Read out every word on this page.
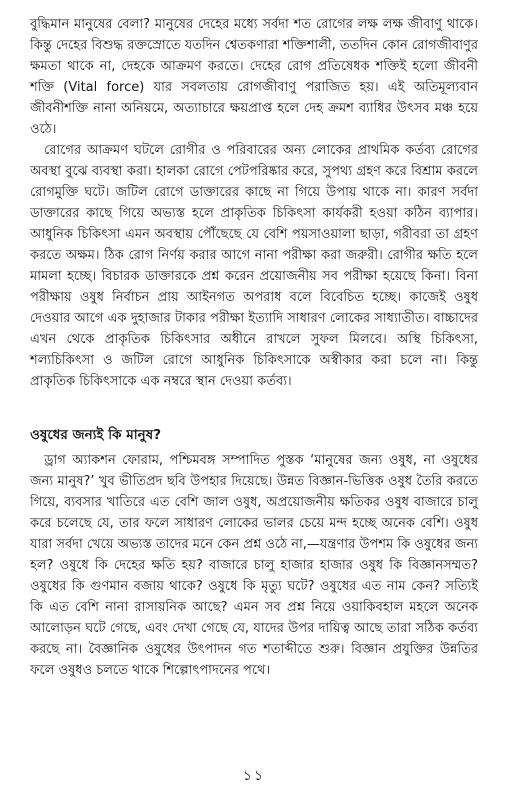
বুদ্ধিমান মানুষের বেলা? মানুষের দেহের মধ্যে সর্বদা শত রোগের লক্ষ লক্ষ জীবাণু থাকে। কিন্তু দেহের বিশুদ্ধ রক্তস্রোতে যতদিন শ্বেতকণারা শক্তিশালী, ততদিন কোন রোগজীবাণুর ক্ষমতা থাকে না, দেহকে আক্রমণ করতে। দেহের রোগ প্রতিষেধক শক্তিই হলো জীবনী শক্তি (Vital force) যার সবলতায় রোগজীবাণু পরাজিত হয়। এই অতিমূল্যবান জীবনীশক্তি নানা অনিয়মে, অত্যাচারে ক্ষয়প্রাপ্ত হলে দেহ ক্রমশ ব্যাধির উৎসব মঞ্চ হয়ে ওঠে।

রোগের আক্রমণ ঘটলে রোগীর ও পরিবারের অন্য লোকের প্রাথমিক কর্তব্য রোগের অবস্থা বুঝে ব্যবস্থা করা। হালকা রোগে পেটপরিষ্কার করে, সুপথ্য গ্রহণ করে বিশ্রাম করলে রোগমুক্তি ঘটে। জটিল রোগে ডাক্তারের কাছে না গিয়ে উপায় থাকে না। কারণ সর্বদা ডাক্তারের কাছে গিয়ে অভ্যস্ত হলে প্রাকৃতিক চিকিৎসা কার্যকরী হওয়া কঠিন ব্যাপার। আধুনিক চিকিৎসা এমন অবস্থায় পৌঁছেছে যে বেশি পয়সাওয়ালা ছাড়া, গরীবরা তা গ্রহণ করতে অক্ষম। ঠিক রোগ নির্ণয় করার আগে নানা পরীক্ষা করা জরুরী। রোগীর ক্ষতি হলে মামলা হচ্ছে। বিচারক ডাক্তারকে প্রশ্ন করেন প্রয়োজনীয় সব পরীক্ষা হয়েছে কিনা। বিনা পরীক্ষায় ওষুধ নির্বাচন প্রায় আইনগত অপরাধ বলে বিবেচিত হচ্ছে। কাজেই ওষুধ দেওয়ার আগে এক দুহাজার টাকার পরীক্ষা ইত্যাদি সাধারণ লোকের সাধ্যাতীত। বাচ্চাদের এখন থেকে প্রাকৃতিক চিকিৎসার অধীনে রাখলে সুফল মিলবে। অস্থি চিকিৎসা, শল্যচিকিৎসা ও জটিল রোগে আধুনিক চিকিৎসাকে অস্বীকার করা চলে না। কিন্তু প্রাকৃতিক চিকিৎসাকে এক নম্বরে স্থান দেওয়া কর্তব্য।

ওষুধের জন্যই কি মানুষ?

ড্রাগ অ্যাকশন ফোরাম, পশ্চিমবঙ্গ সম্পাদিত পুস্তক ‘মানুষের জন্য ওষুধ, না ওষুধের জন্য মানুষ?’ খুব ভীতিপ্রদ ছবি উপহার দিয়েছে। উন্নত বিজ্ঞান-ভিত্তিক ওষুধ তৈরি করতে গিয়ে, ব্যবসার খাতিরে এত বেশি জাল ওষুধ, অপ্রয়োজনীয় ক্ষতিকর ওষুধ বাজারে চালু করে চলেছে যে, তার ফলে সাধারণ লোকের ভালর চেয়ে মন্দ হচ্ছে অনেক বেশি। ওষুধ যারা সর্বদা খেয়ে অভ্যস্ত তাদের মনে কেন প্রশ্ন ওঠে না,—যন্ত্রণার উপশম কি ওষুধের জন্য হল? ওষুধে কি দেহের ক্ষতি হয়? বাজারে চালু হাজার হাজার ওষুধ কি বিজ্ঞানসম্মত? ওষুধের কি গুণমান বজায় থাকে? ওষুধে কি মৃত্যু ঘটে? ওষুধের এত নাম কেন? সত্যিই কি এত বেশি নানা রাসায়নিক আছে? এমন সব প্রশ্ন নিয়ে ওয়াকিবহাল মহলে অনেক আলোড়ন ঘটে গেছে, এবং দেখা গেছে যে, যাদের উপর দায়িত্ব আছে তারা সঠিক কর্তব্য করছে না। বৈজ্ঞানিক ওষুধের উৎপাদন গত শতাব্দীতে শুরু। বিজ্ঞান প্রযুক্তির উন্নতির ফলে ওষুধও চলতে থাকে শিল্পোৎপাদনের পথে।

১১
